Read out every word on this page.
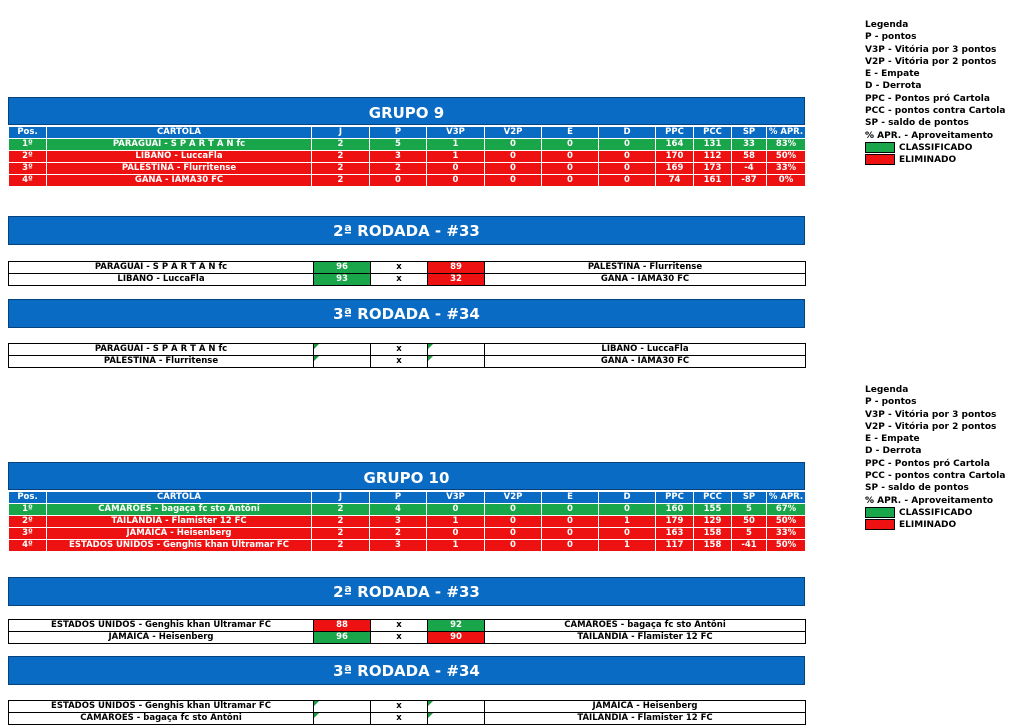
Legenda
P - pontos
V3P - Vitória por 3 pontos
V2P - Vitória por 2 pontos
E - Empate
D - Derrota
PPC - Pontos pró Cartola
PCC - pontos contra Cartola
SP - saldo de pontos
% APR. - Aproveitamento
CLASSIFICADO
ELIMINADO
Legenda
P - pontos
V3P - Vitória por 3 pontos
V2P - Vitória por 2 pontos
E - Empate
D - Derrota
PPC - Pontos pró Cartola
PCC - pontos contra Cartola
SP - saldo de pontos
% APR. - Aproveitamento
CLASSIFICADO
ELIMINADO
GRUPO 9
Pos.	CARTOLA	J	P	V3P	V2P	E	D	PPC	PCC	SP	% APR.
1º	PARAGUAI - S P A R T A N fc	2	5	1	0	0	0	164	131	33	83%
2º	LÍBANO - LuccaFla	2	3	1	0	0	0	170	112	58	50%
3º	PALESTINA - Flurritense	2	2	0	0	0	0	169	173	-4	33%
4º	GANA - IAMA30 FC	2	0	0	0	0	0	74	161	-87	0%
2ª RODADA - #33
PARAGUAI - S P A R T A N fc	96	x	89	PALESTINA - Flurritense
LÍBANO - LuccaFla	93	x	32	GANA - IAMA30 FC
3ª RODADA - #34
PARAGUAI - S P A R T A N fc		x		LÍBANO - LuccaFla
PALESTINA - Flurritense		x		GANA - IAMA30 FC
GRUPO 10
Pos.	CARTOLA	J	P	V3P	V2P	E	D	PPC	PCC	SP	% APR.
1º	CAMARÕES - bagaça fc sto Antôni	2	4	0	0	0	0	160	155	5	67%
2º	TAILÂNDIA - Flamister 12 FC	2	3	1	0	0	1	179	129	50	50%
3º	JAMAICA - Heisenberg	2	2	0	0	0	0	163	158	5	33%
4º	ESTADOS UNIDOS - Genghis khan Ultramar FC	2	3	1	0	0	1	117	158	-41	50%
2ª RODADA - #33
ESTADOS UNIDOS - Genghis khan Ultramar FC	88	x	92	CAMARÕES - bagaça fc sto Antôni
JAMAICA - Heisenberg	96	x	90	TAILÂNDIA - Flamister 12 FC
3ª RODADA - #34
ESTADOS UNIDOS - Genghis khan Ultramar FC		x		JAMAICA - Heisenberg
CAMARÕES - bagaça fc sto Antôni		x		TAILÂNDIA - Flamister 12 FC
